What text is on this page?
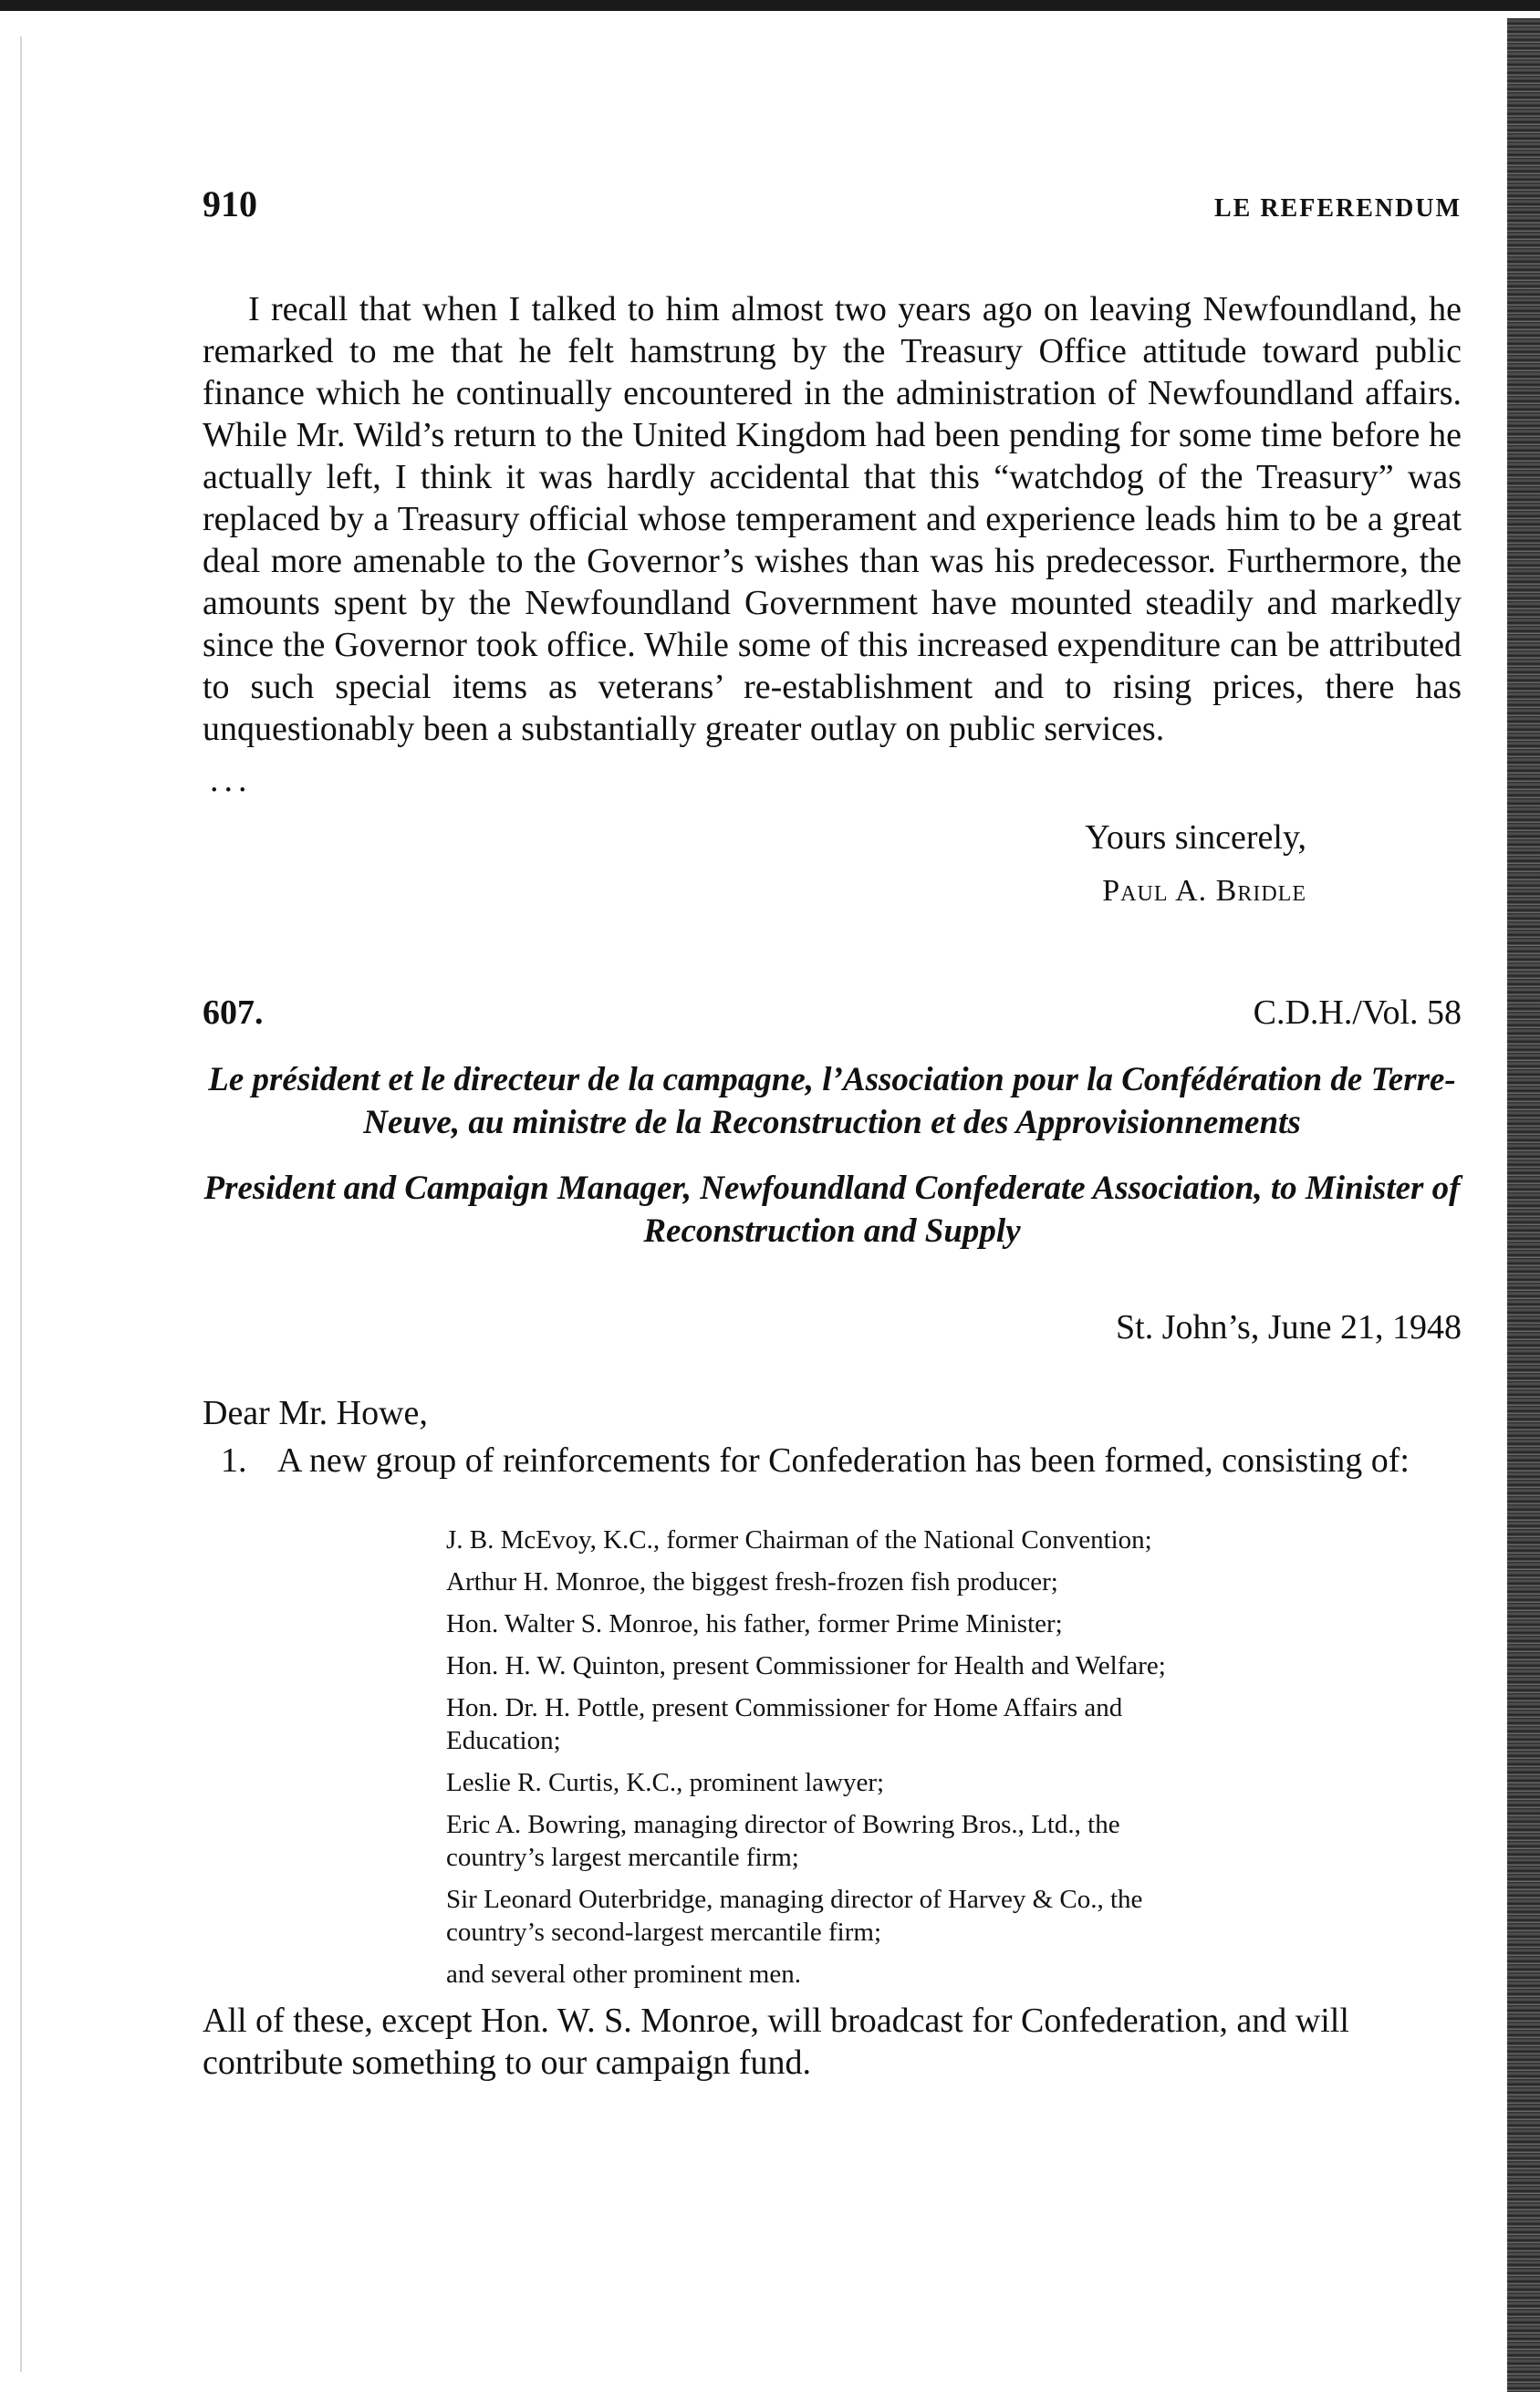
910	LE REFERENDUM

I recall that when I talked to him almost two years ago on leaving Newfoundland, he remarked to me that he felt hamstrung by the Treasury Office attitude toward public finance which he continually encountered in the administration of Newfoundland affairs. While Mr. Wild’s return to the United Kingdom had been pending for some time before he actually left, I think it was hardly accidental that this “watchdog of the Treasury” was replaced by a Treasury official whose temperament and experience leads him to be a great deal more amenable to the Governor’s wishes than was his predecessor. Furthermore, the amounts spent by the Newfoundland Government have mounted steadily and markedly since the Governor took office. While some of this increased expenditure can be attributed to such special items as veterans’ re-establishment and to rising prices, there has unquestionably been a substantially greater outlay on public services.

...
Yours sincerely,
Paul A. Bridle
607.	C.D.H./Vol. 58
Le président et le directeur de la campagne, l’Association pour la Confédération de Terre-Neuve, au ministre de la Reconstruction et des Approvisionnements
President and Campaign Manager, Newfoundland Confederate Association, to Minister of Reconstruction and Supply
St. John’s, June 21, 1948
Dear Mr. Howe,

1. A new group of reinforcements for Confederation has been formed, consisting of:

J. B. McEvoy, K.C., former Chairman of the National Convention;
Arthur H. Monroe, the biggest fresh-frozen fish producer;
Hon. Walter S. Monroe, his father, former Prime Minister;
Hon. H. W. Quinton, present Commissioner for Health and Welfare;
Hon. Dr. H. Pottle, present Commissioner for Home Affairs and Education;
Leslie R. Curtis, K.C., prominent lawyer;
Eric A. Bowring, managing director of Bowring Bros., Ltd., the country’s largest mercantile firm;
Sir Leonard Outerbridge, managing director of Harvey & Co., the country’s second-largest mercantile firm;
and several other prominent men.

All of these, except Hon. W. S. Monroe, will broadcast for Confederation, and will contribute something to our campaign fund.
